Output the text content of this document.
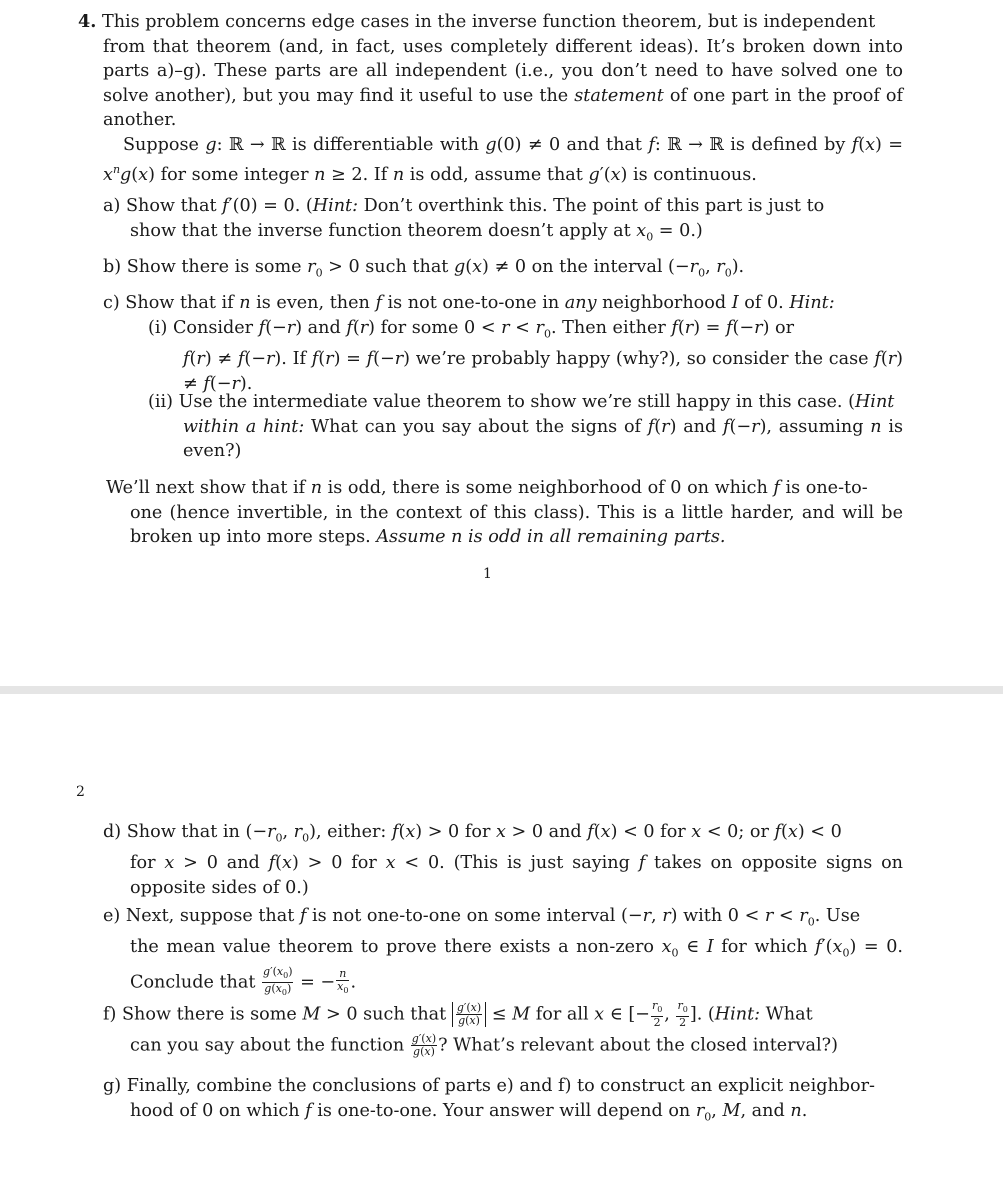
4. This problem concerns edge cases in the inverse function theorem, but is independent
from that theorem (and, in fact, uses completely different ideas). It’s broken down into parts a)–g). These parts are all independent (i.e., you don’t need to have solved one to solve another), but you may find it useful to use the statement of one part in the proof of another.
Suppose g: ℝ → ℝ is differentiable with g(0) ≠ 0 and that f: ℝ → ℝ is defined by $f(x) = x^ng(x)$ for some integer n ≥ 2. If n is odd, assume that g′(x) is continuous.
a) Show that f′(0) = 0. (Hint: Don’t overthink this. The point of this part is just to
show that the inverse function theorem doesn’t apply at $x_0 = 0$.)
b) Show there is some $r_0 > 0$ such that g(x) ≠ 0 on the interval ($-r_0$, $r_0$).
c) Show that if n is even, then f is not one-to-one in any neighborhood I of 0. Hint:
(i) Consider f(−r) and f(r) for some $0 < r < r_0$. Then either f(r) = f(−r) or
f(r) ≠ f(−r). If f(r) = f(−r) we’re probably happy (why?), so consider the case f(r) ≠ f(−r).
(ii) Use the intermediate value theorem to show we’re still happy in this case. (Hint
within a hint: What can you say about the signs of f(r) and f(−r), assuming n is even?)
We’ll next show that if n is odd, there is some neighborhood of 0 on which f is one-to-
one (hence invertible, in the context of this class). This is a little harder, and will be broken up into more steps. Assume n is odd in all remaining parts.
1
2
d) Show that in ($-r_0$, $r_0$), either: f(x) > 0 for x > 0 and f(x) < 0 for x < 0; or f(x) < 0
for x > 0 and f(x) > 0 for x < 0. (This is just saying f takes on opposite signs on opposite sides of 0.)
e) Next, suppose that f is not one-to-one on some interval (−r, r) with $0 < r < r_0$. Use
the mean value theorem to prove there exists a non-zero $x_0$ ∈ I for which $f'(x_0) = 0$. Conclude that $\frac{g'(x_0)}{g(x_0)}$ = − $\frac{n}{x_0}$ .
f) Show there is some M > 0 such that $\frac{g'(x)}{g(x)} \le M$ for all x ∈ [− $\frac{r_0}{2}$ , $\frac{r_0}{2}$ ]. (Hint: What
can you say about the function $\frac{g'(x)}{g(x)}$ ? What’s relevant about the closed interval?)
g) Finally, combine the conclusions of parts e) and f) to construct an explicit neighbor-
hood of 0 on which f is one-to-one. Your answer will depend on $r_0$, M, and n.
